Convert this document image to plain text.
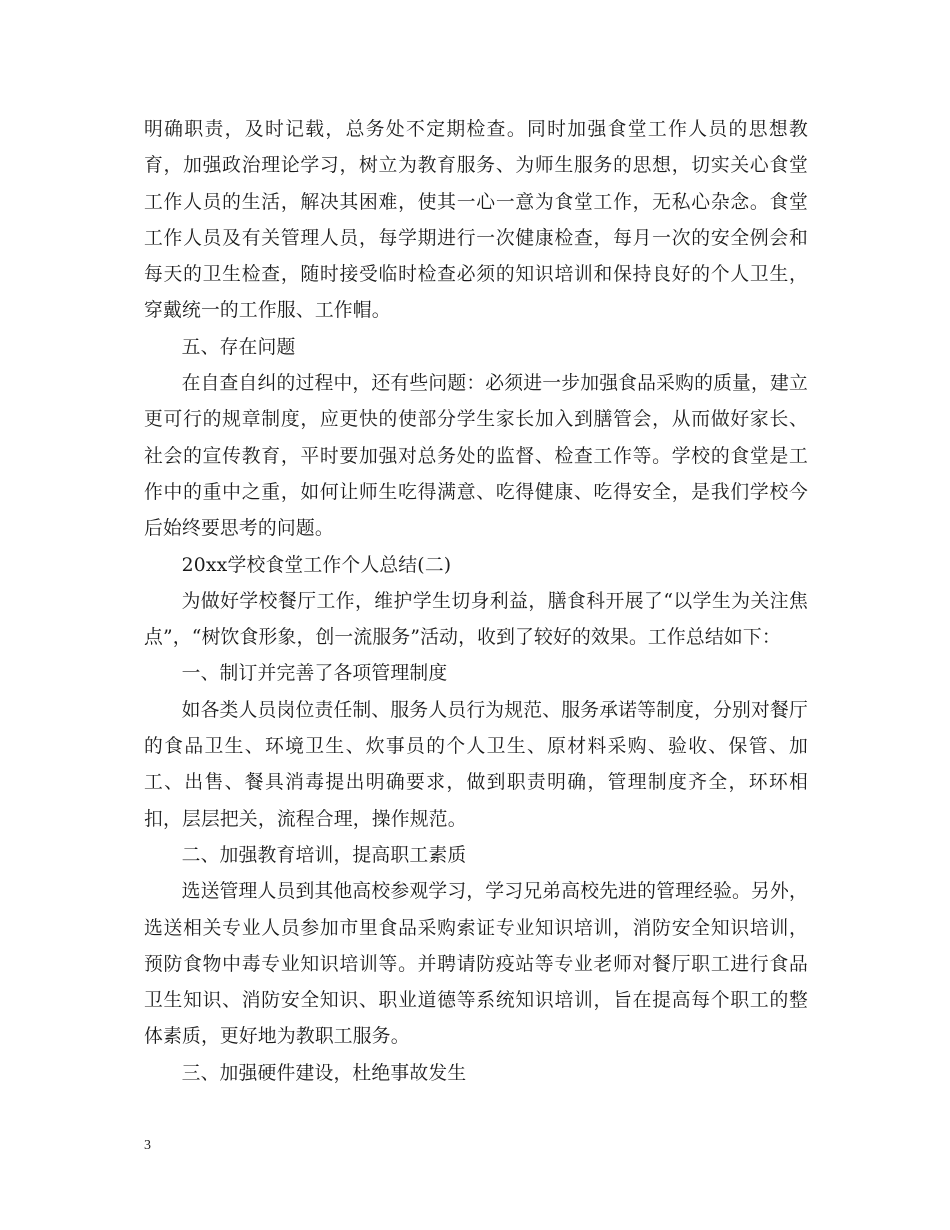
明确职责，及时记载，总务处不定期检查。同时加强食堂工作人员的思想教育，加强政治理论学习，树立为教育服务、为师生服务的思想，切实关心食堂工作人员的生活，解决其困难，使其一心一意为食堂工作，无私心杂念。食堂工作人员及有关管理人员，每学期进行一次健康检查，每月一次的安全例会和每天的卫生检查，随时接受临时检查必须的知识培训和保持良好的个人卫生，穿戴统一的工作服、工作帽。

五、存在问题

在自查自纠的过程中，还有些问题：必须进一步加强食品采购的质量，建立更可行的规章制度，应更快的使部分学生家长加入到膳管会，从而做好家长、社会的宣传教育，平时要加强对总务处的监督、检查工作等。学校的食堂是工作中的重中之重，如何让师生吃得满意、吃得健康、吃得安全，是我们学校今后始终要思考的问题。

20xx学校食堂工作个人总结(二)

为做好学校餐厅工作，维护学生切身利益，膳食科开展了“以学生为关注焦点”，“树饮食形象，创一流服务”活动，收到了较好的效果。工作总结如下：

一、制订并完善了各项管理制度

如各类人员岗位责任制、服务人员行为规范、服务承诺等制度，分别对餐厅的食品卫生、环境卫生、炊事员的个人卫生、原材料采购、验收、保管、加工、出售、餐具消毒提出明确要求，做到职责明确，管理制度齐全，环环相扣，层层把关，流程合理，操作规范。

二、加强教育培训，提高职工素质

选送管理人员到其他高校参观学习，学习兄弟高校先进的管理经验。另外，选送相关专业人员参加市里食品采购索证专业知识培训，消防安全知识培训，预防食物中毒专业知识培训等。并聘请防疫站等专业老师对餐厅职工进行食品卫生知识、消防安全知识、职业道德等系统知识培训，旨在提高每个职工的整体素质，更好地为教职工服务。

三、加强硬件建设，杜绝事故发生

3
